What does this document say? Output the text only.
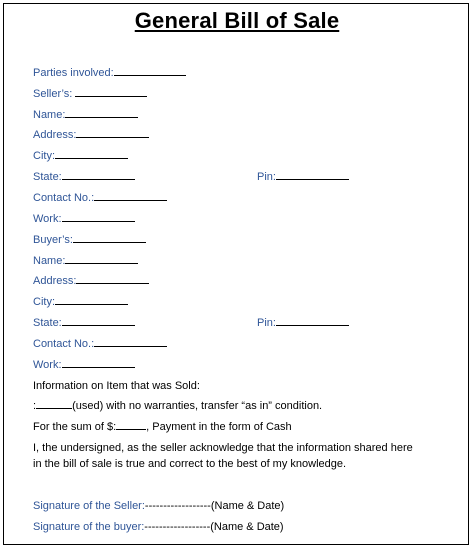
General Bill of Sale
Parties involved:
Seller’s:
Name:
Address:
City:
State:	Pin:
Contact No.:
Work:
Buyer’s:
Name:
Address:
City:
State:	Pin:
Contact No.:
Work:
Information on Item that was Sold:
:	(used) with no warranties, transfer “as in” condition.
For the sum of $:	, Payment in the form of Cash
I, the undersigned, as the seller acknowledge that the information shared here
in the bill of sale is true and correct to the best of my knowledge.
Signature of the Seller:------------------(Name & Date)
Signature of the buyer:------------------(Name & Date)
